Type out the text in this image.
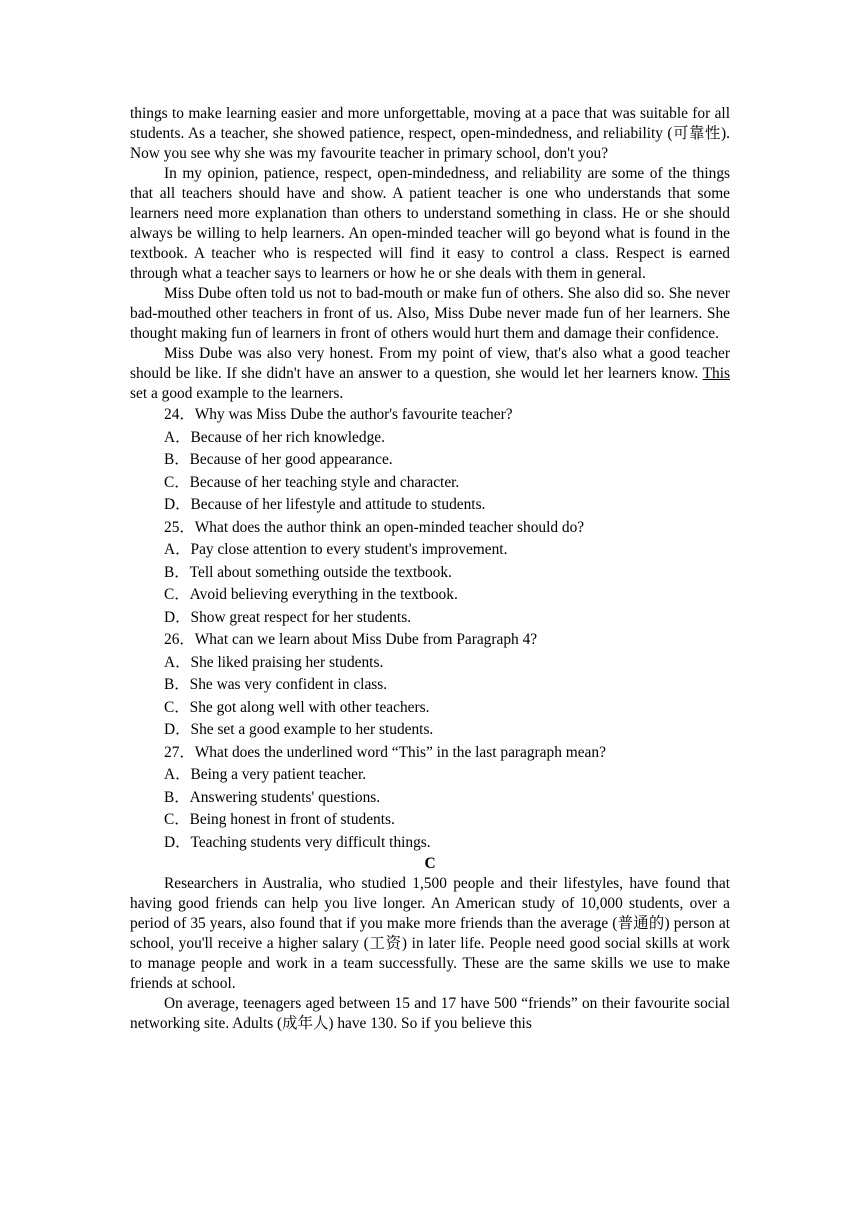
things to make learning easier and more unforgettable, moving at a pace that was suitable for all students. As a teacher, she showed patience, respect, open-mindedness, and reliability (可靠性). Now you see why she was my favourite teacher in primary school, don't you?

In my opinion, patience, respect, open-mindedness, and reliability are some of the things that all teachers should have and show. A patient teacher is one who understands that some learners need more explanation than others to understand something in class. He or she should always be willing to help learners. An open-minded teacher will go beyond what is found in the textbook. A teacher who is respected will find it easy to control a class. Respect is earned through what a teacher says to learners or how he or she deals with them in general.

Miss Dube often told us not to bad-mouth or make fun of others. She also did so. She never bad-mouthed other teachers in front of us. Also, Miss Dube never made fun of her learners. She thought making fun of learners in front of others would hurt them and damage their confidence.

Miss Dube was also very honest. From my point of view, that's also what a good teacher should be like. If she didn't have an answer to a question, she would let her learners know. This set a good example to the learners.

24．Why was Miss Dube the author's favourite teacher?

A．Because of her rich knowledge.

B．Because of her good appearance.

C．Because of her teaching style and character.

D．Because of her lifestyle and attitude to students.

25．What does the author think an open-minded teacher should do?

A．Pay close attention to every student's improvement.

B．Tell about something outside the textbook.

C．Avoid believing everything in the textbook.

D．Show great respect for her students.

26．What can we learn about Miss Dube from Paragraph 4?

A．She liked praising her students.

B．She was very confident in class.

C．She got along well with other teachers.

D．She set a good example to her students.

27．What does the underlined word “This” in the last paragraph mean?

A．Being a very patient teacher.

B．Answering students' questions.

C．Being honest in front of students.

D．Teaching students very difficult things.

C

Researchers in Australia, who studied 1,500 people and their lifestyles, have found that having good friends can help you live longer. An American study of 10,000 students, over a period of 35 years, also found that if you make more friends than the average (普通的) person at school, you'll receive a higher salary (工资) in later life. People need good social skills at work to manage people and work in a team successfully. These are the same skills we use to make friends at school.

On average, teenagers aged between 15 and 17 have 500 “friends” on their favourite social networking site. Adults (成年人) have 130. So if you believe this
